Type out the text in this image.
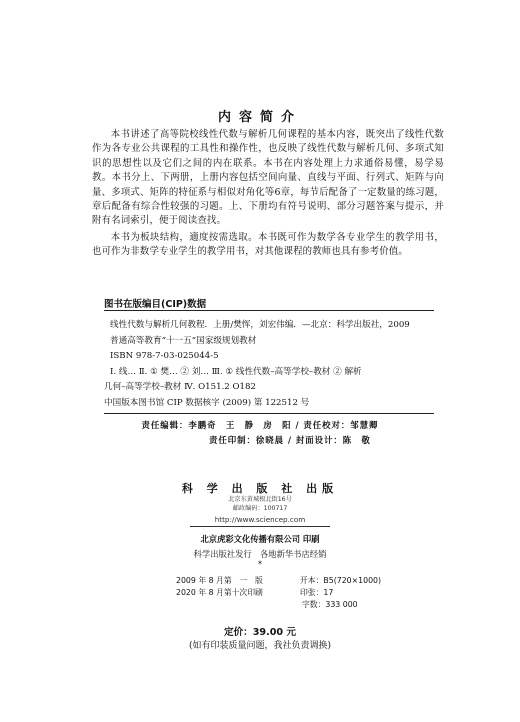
内容简介

本书讲述了高等院校线性代数与解析几何课程的基本内容，既突出了线性代数作为各专业公共课程的工具性和操作性，也反映了线性代数与解析几何、多项式知识的思想性以及它们之间的内在联系。本书在内容处理上力求通俗易懂，易学易教。本书分上、下两册，上册内容包括空间向量、直线与平面、行列式、矩阵与向量、多项式、矩阵的特征系与相似对角化等6章，每节后配备了一定数量的练习题，章后配备有综合性较强的习题。上、下册均有符号说明、部分习题答案与提示，并附有名词索引，便于阅读查找。

本书为板块结构，適度按需选取。本书既可作为数学各专业学生的教学用书，也可作为非数学专业学生的教学用书，对其他课程的教师也具有参考价值。

图书在版编目(CIP)数据
线性代数与解析几何教程．上册/樊恽，刘宏伟编．—北京：科学出版社，2009
普通高等教育“十一五”国家级规划教材
ISBN 978-7-03-025044-5
Ⅰ. 线… Ⅱ. ① 樊… ② 刘… Ⅲ. ① 线性代数–高等学校–教材 ② 解析
几何–高等学校–教材 Ⅳ. O151.2 O182
中国版本图书馆 CIP 数据核字 (2009) 第 122512 号
责任编辑：李鹏奇　王　静　房　阳 / 责任校对：邹慧卿
责任印制：徐晓晨 / 封面设计：陈　敬
科 学 出 版 社 出版
北京东黄城根北街16号
邮政编码：100717
http://www.sciencep.com
北京虎彩文化传播有限公司 印刷
科学出版社发行　各地新华书店经销
*
2009 年 8 月第　一　版	开本：B5(720×1000)
2020 年 8 月第十次印刷	印张：17
字数：333 000
定价：39.00 元
(如有印装质量问题，我社负责调换)
